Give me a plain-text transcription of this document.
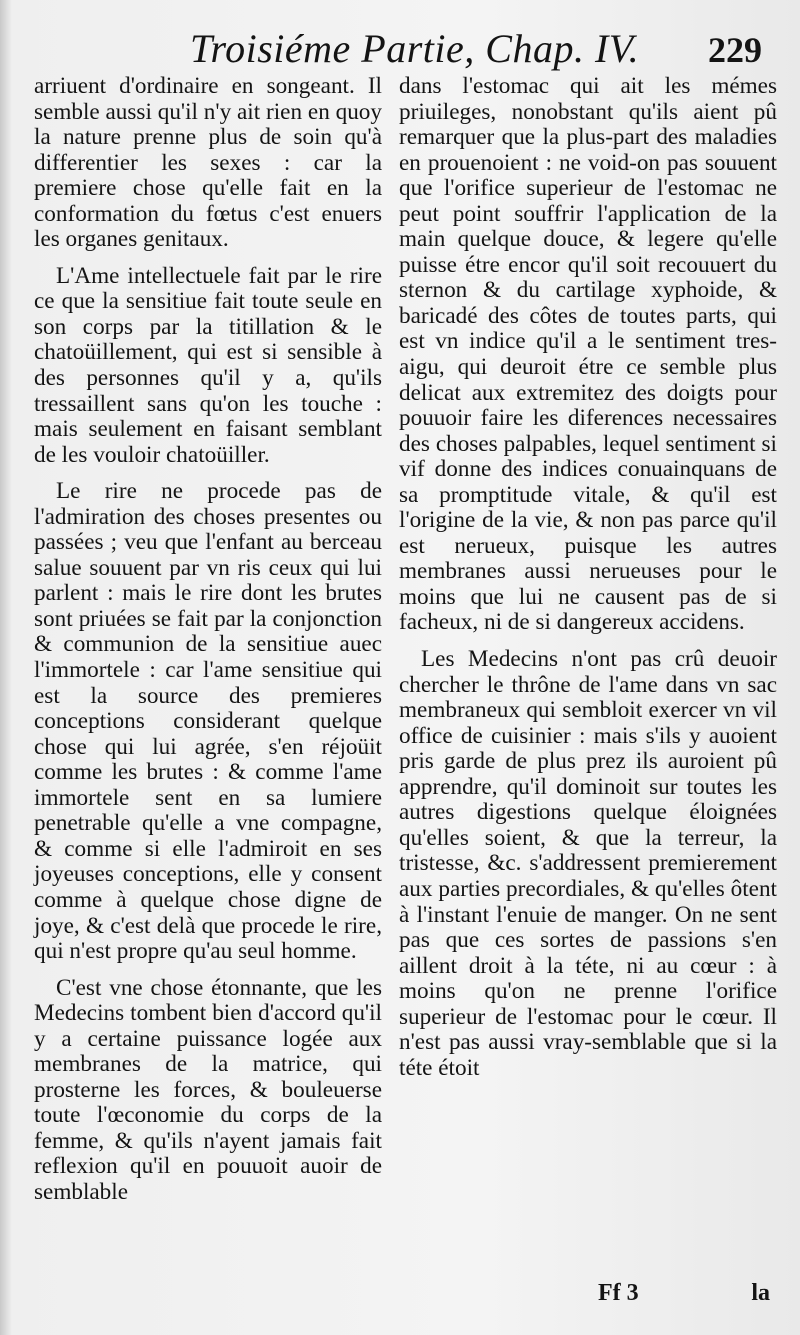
Troisiéme Partie, Chap. IV. 229

arriuent d'ordinaire en songeant. Il semble aussi qu'il n'y ait rien en quoy la nature prenne plus de soin qu'à differentier les sexes : car la premiere chose qu'elle fait en la conformation du fœtus c'est enuers les organes genitaux.

L'Ame intellectuele fait par le rire ce que la sensitiue fait toute seule en son corps par la titillation & le chatoüillement, qui est si sensible à des personnes qu'il y a, qu'ils tressaillent sans qu'on les touche : mais seulement en faisant semblant de les vouloir chatoüiller.

Le rire ne procede pas de l'admiration des choses presentes ou passées ; veu que l'enfant au berceau salue souuent par vn ris ceux qui lui parlent : mais le rire dont les brutes sont priuées se fait par la conjonction & communion de la sensitiue auec l'immortele : car l'ame sensitiue qui est la source des premieres conceptions considerant quelque chose qui lui agrée, s'en réjoüit comme les brutes : & comme l'ame immortele sent en sa lumiere penetrable qu'elle a vne compagne, & comme si elle l'admiroit en ses joyeuses conceptions, elle y consent comme à quelque chose digne de joye, & c'est delà que procede le rire, qui n'est propre qu'au seul homme.

C'est vne chose étonnante, que les Medecins tombent bien d'accord qu'il y a certaine puissance logée aux membranes de la matrice, qui prosterne les forces, & bouleuerse toute l'œconomie du corps de la femme, & qu'ils n'ayent jamais fait reflexion qu'il en pouuoit auoir de semblable

dans l'estomac qui ait les mémes priuileges, nonobstant qu'ils aient pû remarquer que la plus-part des maladies en prouenoient : ne void-on pas souuent que l'orifice superieur de l'estomac ne peut point souffrir l'application de la main quelque douce, & legere qu'elle puisse étre encor qu'il soit recouuert du sternon & du cartilage xyphoide, & baricadé des côtes de toutes parts, qui est vn indice qu'il a le sentiment tres-aigu, qui deuroit étre ce semble plus delicat aux extremitez des doigts pour pouuoir faire les diferences necessaires des choses palpables, lequel sentiment si vif donne des indices conuainquans de sa promptitude vitale, & qu'il est l'origine de la vie, & non pas parce qu'il est nerueux, puisque les autres membranes aussi nerueuses pour le moins que lui ne causent pas de si facheux, ni de si dangereux accidens.

Les Medecins n'ont pas crû deuoir chercher le thrône de l'ame dans vn sac membraneux qui sembloit exercer vn vil office de cuisinier : mais s'ils y auoient pris garde de plus prez ils auroient pû apprendre, qu'il dominoit sur toutes les autres digestions quelque éloignées qu'elles soient, & que la terreur, la tristesse, &c. s'addressent premierement aux parties precordiales, & qu'elles ôtent à l'instant l'enuie de manger. On ne sent pas que ces sortes de passions s'en aillent droit à la téte, ni au cœur : à moins qu'on ne prenne l'orifice superieur de l'estomac pour le cœur. Il n'est pas aussi vray-semblable que si la téte étoit

Ff 3	la
